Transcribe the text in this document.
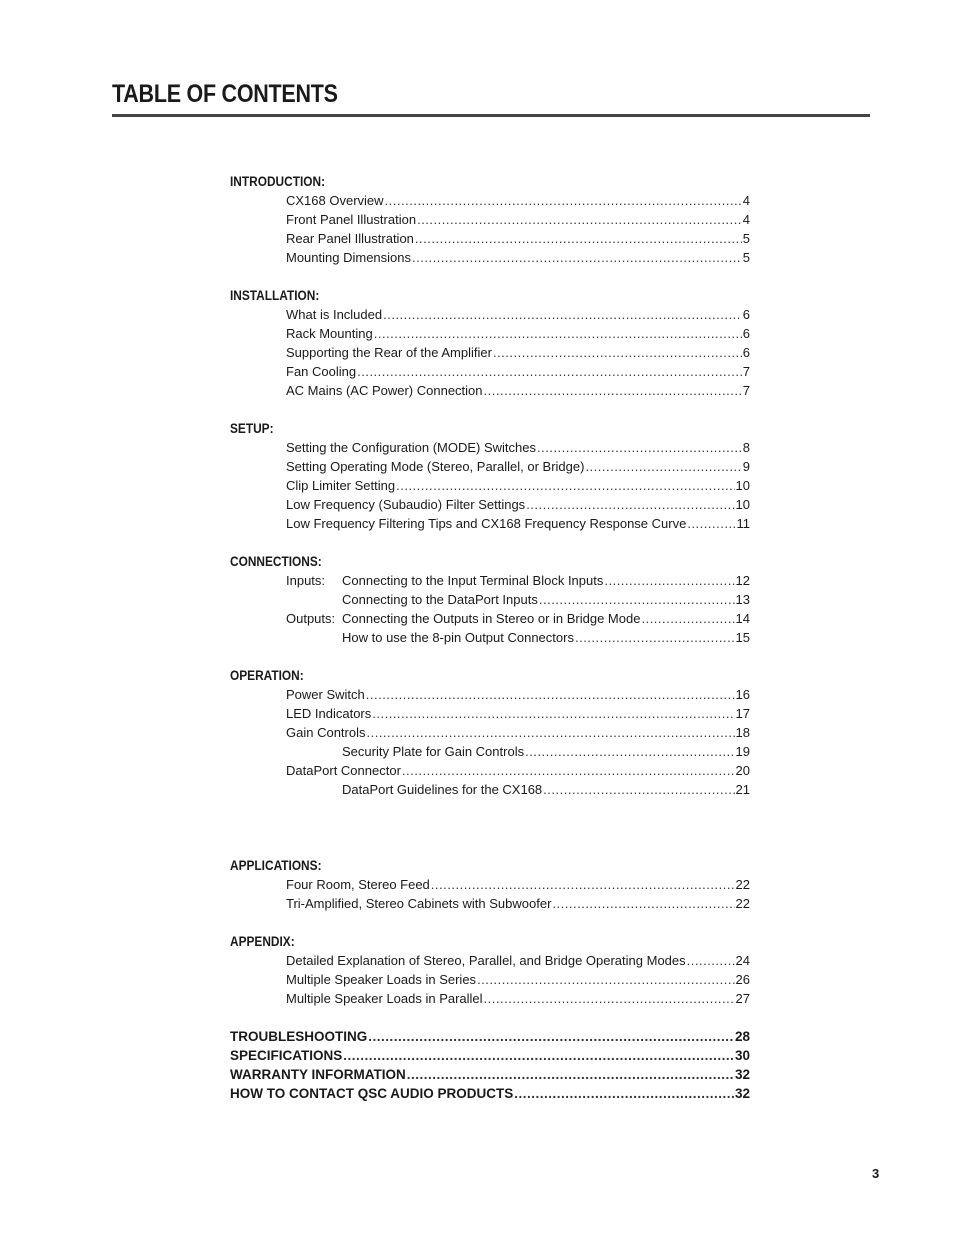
TABLE OF CONTENTS
INTRODUCTION:
CX168 Overview .....	4
Front Panel Illustration .....	4
Rear Panel Illustration .....	5
Mounting Dimensions .....	5
INSTALLATION:
What is Included .....	6
Rack Mounting .....	6
Supporting the Rear of the Amplifier .....	6
Fan Cooling .....	7
AC Mains (AC Power) Connection .....	7
SETUP:
Setting the Configuration (MODE) Switches .....	8
Setting Operating Mode (Stereo, Parallel, or Bridge) .....	9
Clip Limiter Setting .....	10
Low Frequency (Subaudio) Filter Settings .....	10
Low Frequency Filtering Tips and CX168 Frequency Response Curve .....	11
CONNECTIONS:
Inputs:	Connecting to the Input Terminal Block Inputs .....	12
Connecting to the DataPort Inputs .....	13
Outputs: Connecting the Outputs in Stereo or in Bridge Mode .....	14
How to use the 8-pin Output Connectors .....	15
OPERATION:
Power Switch .....	16
LED Indicators .....	17
Gain Controls .....	18
Security Plate for Gain Controls .....	19
DataPort Connector .....	20
DataPort Guidelines for the CX168 .....	21
APPLICATIONS:
Four Room, Stereo Feed .....	22
Tri-Amplified, Stereo Cabinets with Subwoofer .....	22
APPENDIX:
Detailed Explanation of Stereo, Parallel, and Bridge Operating Modes .....	24
Multiple Speaker Loads in Series .....	26
Multiple Speaker Loads in Parallel .....	27
TROUBLESHOOTING .....	28
SPECIFICATIONS .....	30
WARRANTY INFORMATION .....	32
HOW TO CONTACT QSC AUDIO PRODUCTS .....	32
3
